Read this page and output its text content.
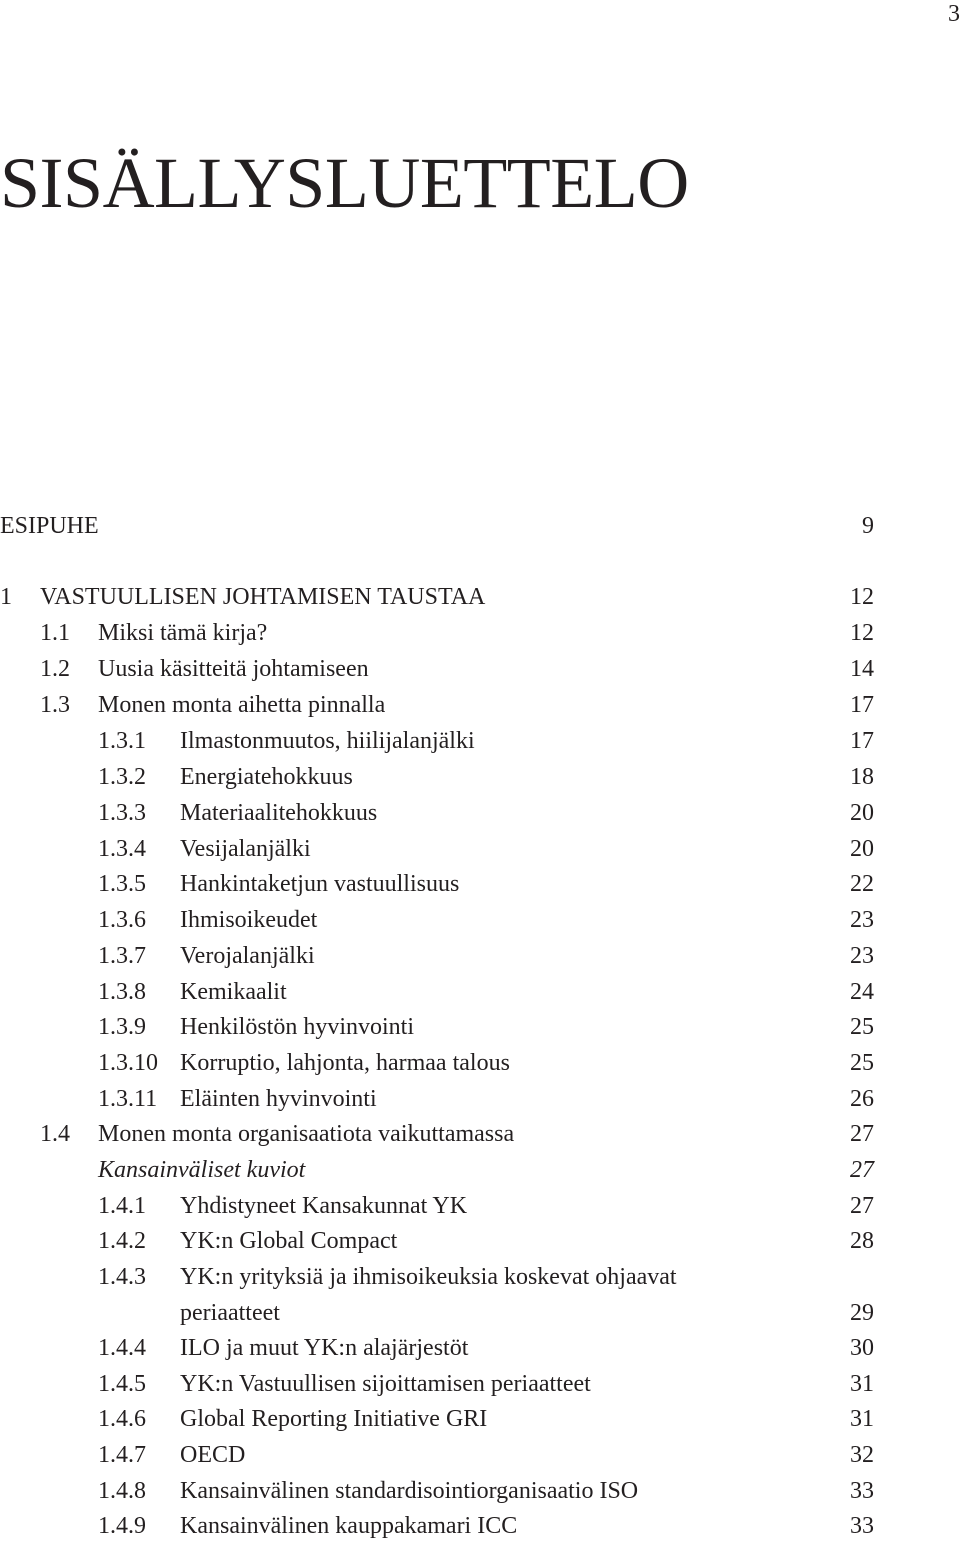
3
SISÄLLYSLUETTELO
ESIPUHE	9
1 VASTUULLISEN JOHTAMISEN TAUSTAA	12
1.1 Miksi tämä kirja?	12
1.2 Uusia käsitteitä johtamiseen	14
1.3 Monen monta aihetta pinnalla	17
1.3.1 Ilmastonmuutos, hiilijalanjälki	17
1.3.2 Energiatehokkuus	18
1.3.3 Materiaalitehokkuus	20
1.3.4 Vesijalanjälki	20
1.3.5 Hankintaketjun vastuullisuus	22
1.3.6 Ihmisoikeudet	23
1.3.7 Verojalanjälki	23
1.3.8 Kemikaalit	24
1.3.9 Henkilöstön hyvinvointi	25
1.3.10 Korruptio, lahjonta, harmaa talous	25
1.3.11 Eläinten hyvinvointi	26
1.4 Monen monta organisaatiota vaikuttamassa	27
Kansainväliset kuviot	27
1.4.1 Yhdistyneet Kansakunnat YK	27
1.4.2 YK:n Global Compact	28
1.4.3 YK:n yrityksiä ja ihmisoikeuksia koskevat ohjaavat
periaatteet	29
1.4.4 ILO ja muut YK:n alajärjestöt	30
1.4.5 YK:n Vastuullisen sijoittamisen periaatteet	31
1.4.6 Global Reporting Initiative GRI	31
1.4.7 OECD	32
1.4.8 Kansainvälinen standardisointiorganisaatio ISO	33
1.4.9 Kansainvälinen kauppakamari ICC	33
